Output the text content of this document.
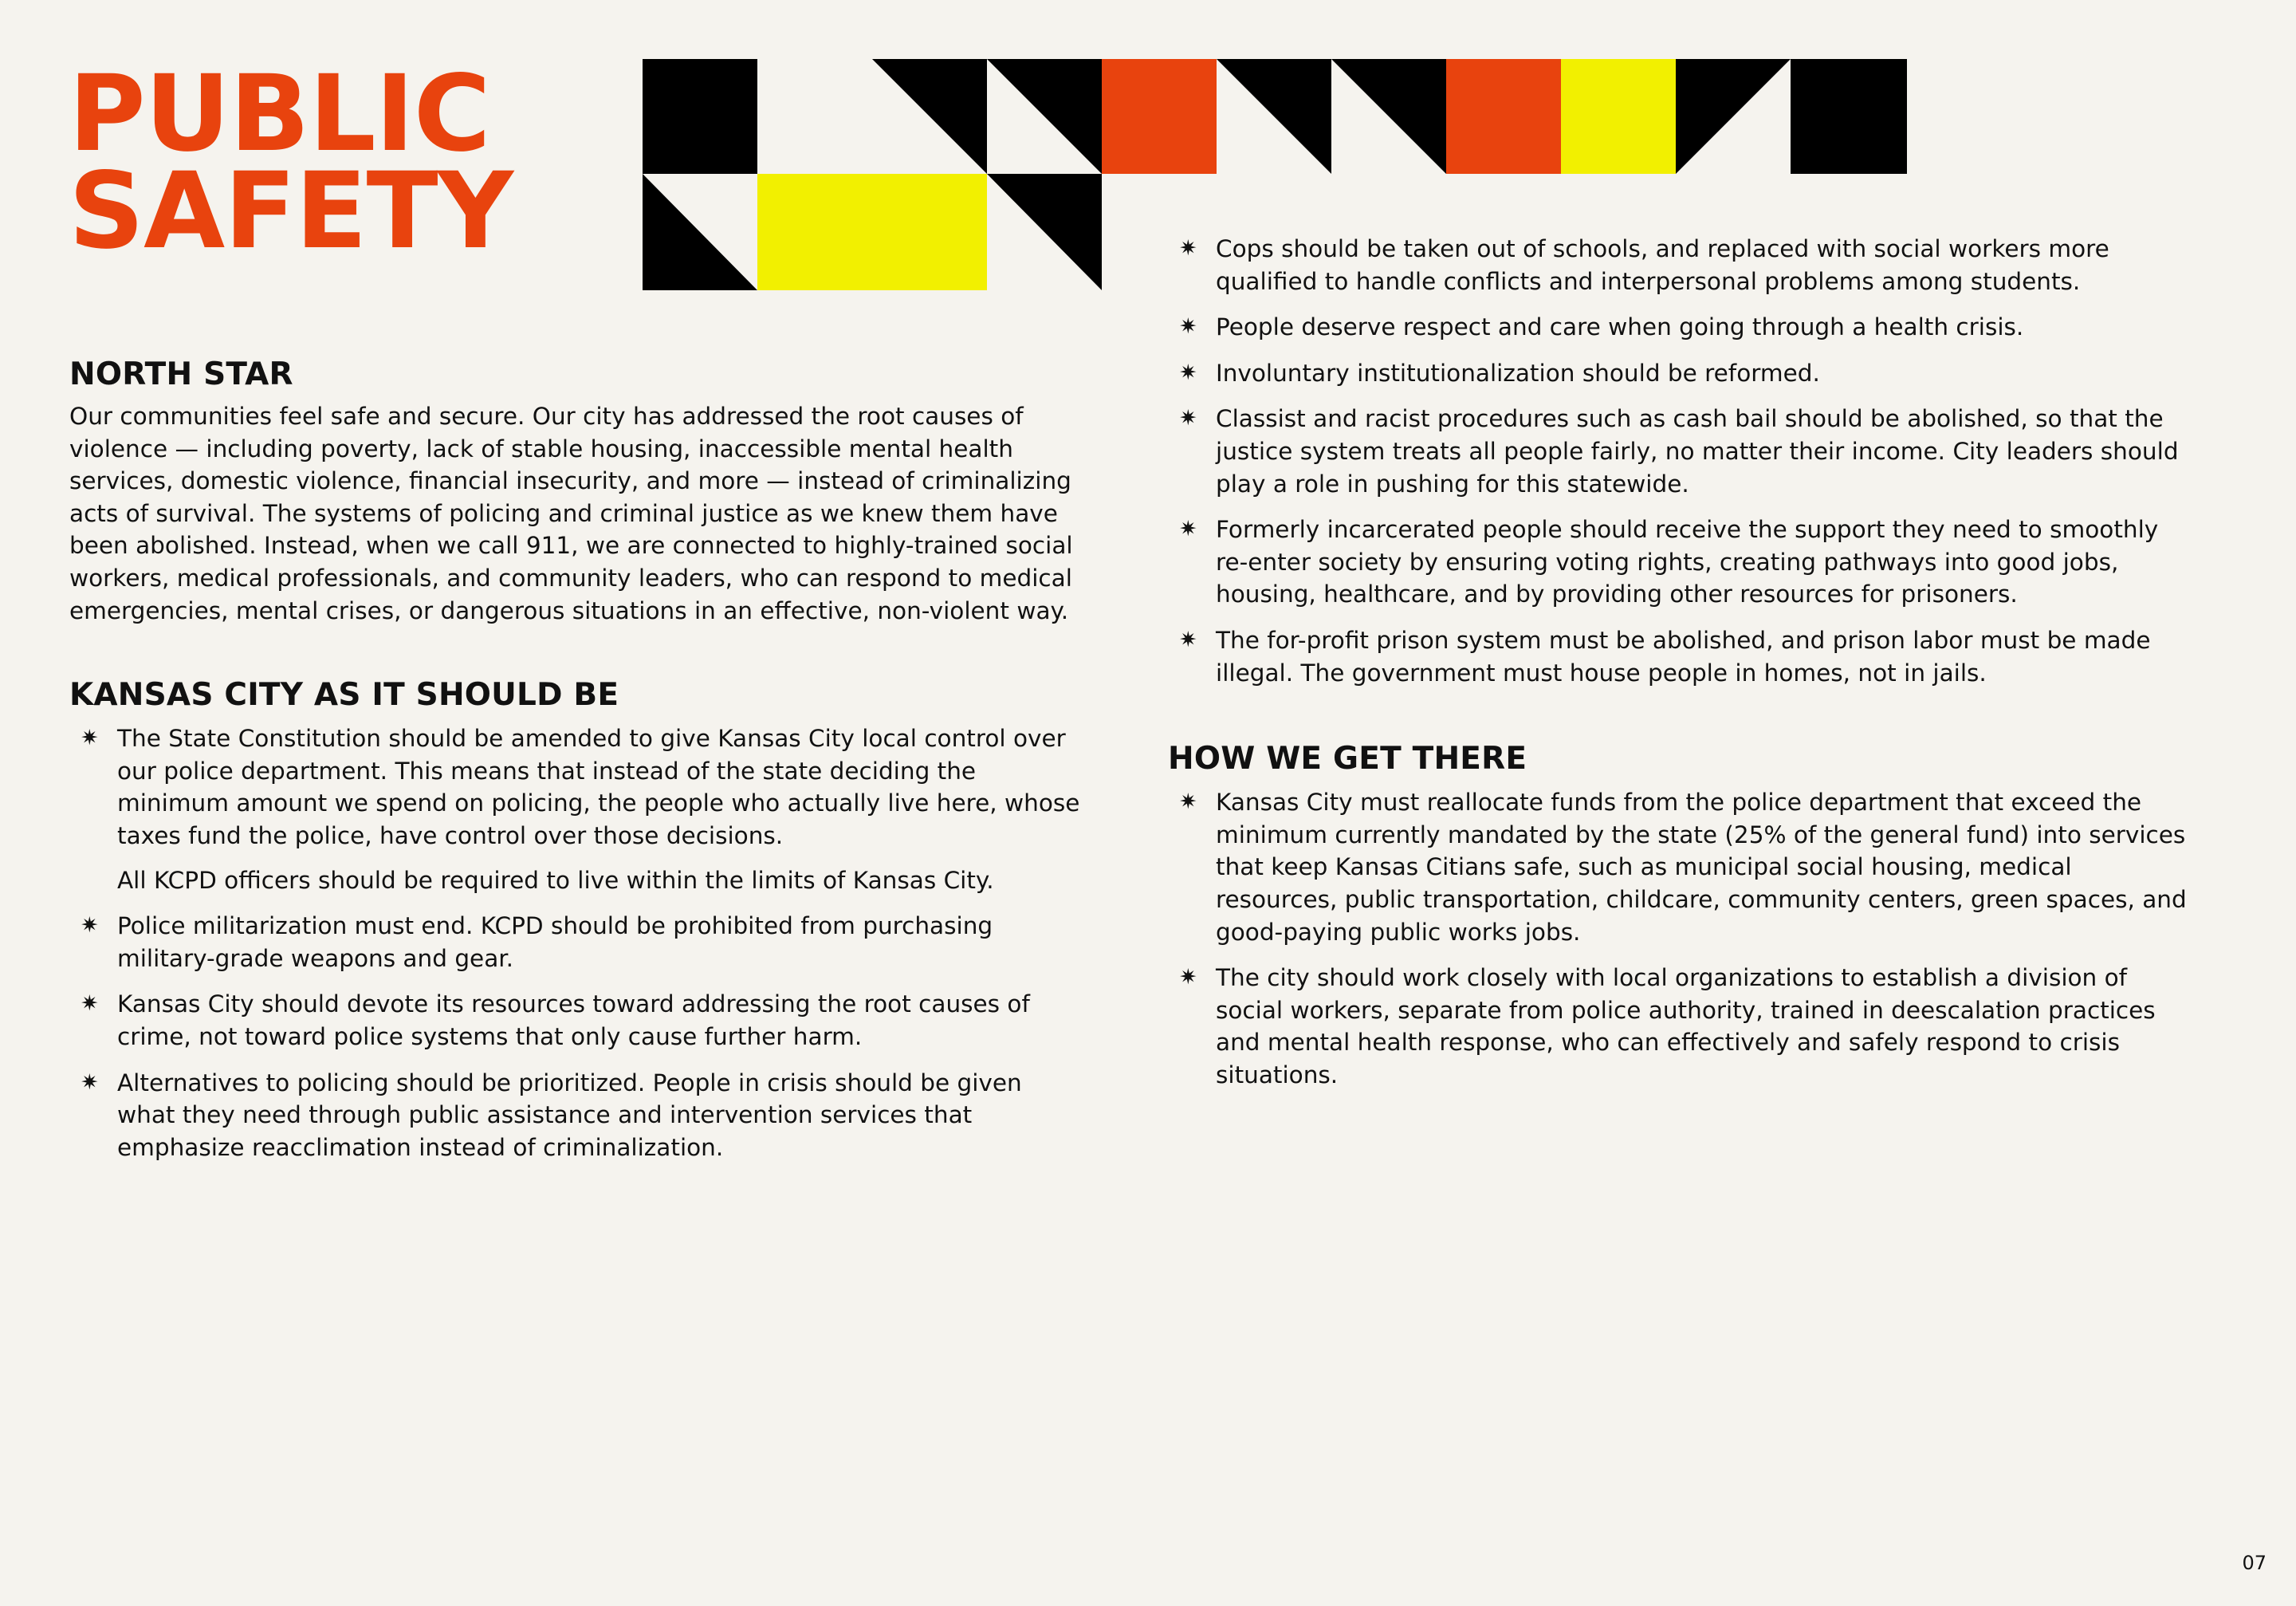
PUBLIC
SAFETY
NORTH STAR

Our communities feel safe and secure. Our city has addressed the root causes of violence — including poverty, lack of stable housing, inaccessible mental health services, domestic violence, financial insecurity, and more — instead of criminalizing acts of survival. The systems of policing and criminal justice as we knew them have been abolished. Instead, when we call 911, we are connected to highly-trained social workers, medical professionals, and community leaders, who can respond to medical emergencies, mental crises, or dangerous situations in an effective, non-violent way.

KANSAS CITY AS IT SHOULD BE
✷ The State Constitution should be amended to give Kansas City local control over our police department. This means that instead of the state deciding the minimum amount we spend on policing, the people who actually live here, whose taxes fund the police, have control over those decisions.
All KCPD officers should be required to live within the limits of Kansas City.
✷ Police militarization must end. KCPD should be prohibited from purchasing military-grade weapons and gear.
✷ Kansas City should devote its resources toward addressing the root causes of crime, not toward police systems that only cause further harm.
✷ Alternatives to policing should be prioritized. People in crisis should be given what they need through public assistance and intervention services that emphasize reacclimation instead of criminalization.
✷ Cops should be taken out of schools, and replaced with social workers more qualified to handle conflicts and interpersonal problems among students.
✷ People deserve respect and care when going through a health crisis.
✷ Involuntary institutionalization should be reformed.
✷ Classist and racist procedures such as cash bail should be abolished, so that the justice system treats all people fairly, no matter their income. City leaders should play a role in pushing for this statewide.
✷ Formerly incarcerated people should receive the support they need to smoothly re-enter society by ensuring voting rights, creating pathways into good jobs, housing, healthcare, and by providing other resources for prisoners.
✷ The for-profit prison system must be abolished, and prison labor must be made illegal. The government must house people in homes, not in jails.
HOW WE GET THERE
✷ Kansas City must reallocate funds from the police department that exceed the minimum currently mandated by the state (25% of the general fund) into services that keep Kansas Citians safe, such as municipal social housing, medical resources, public transportation, childcare, community centers, green spaces, and good-paying public works jobs.
✷ The city should work closely with local organizations to establish a division of social workers, separate from police authority, trained in deescalation practices and mental health response, who can effectively and safely respond to crisis situations.
07
